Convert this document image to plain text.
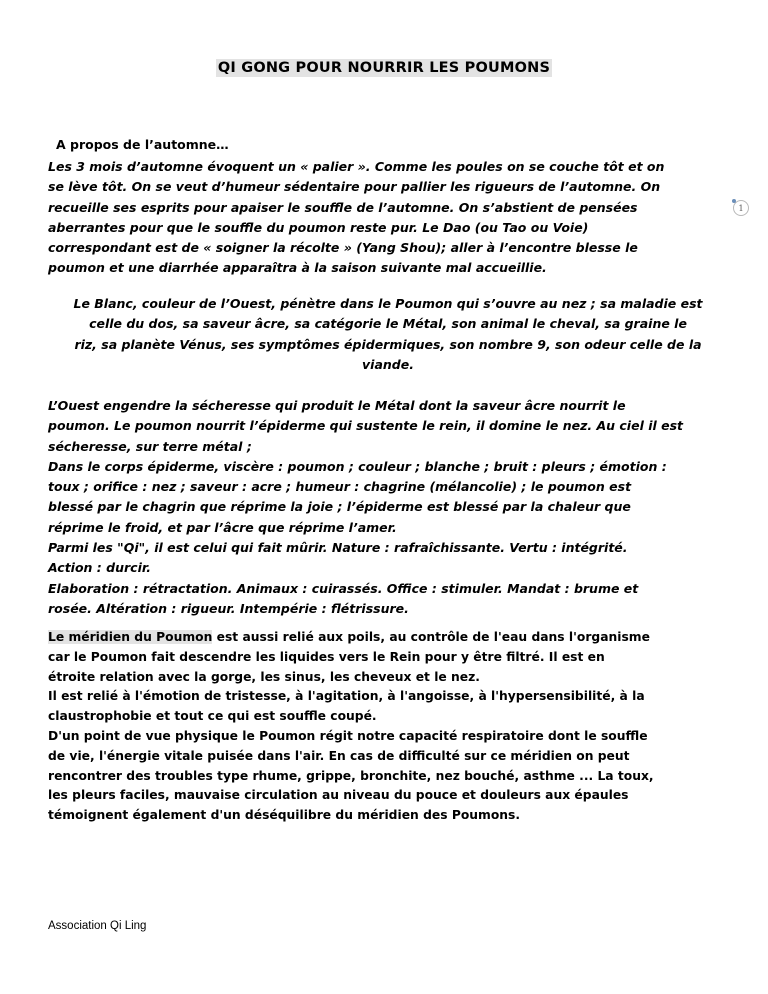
QI GONG POUR NOURRIR LES POUMONS
1
A propos de l’automne…

Les 3 mois d’automne évoquent un « palier ». Comme les poules on se couche tôt et on
se lève tôt. On se veut d’humeur sédentaire pour pallier les rigueurs de l’automne. On
recueille ses esprits pour apaiser le souffle de l’automne. On s’abstient de pensées
aberrantes pour que le souffle du poumon reste pur. Le Dao (ou Tao ou Voie)
correspondant est de « soigner la récolte » (Yang Shou); aller à l’encontre blesse le
poumon et une diarrhée apparaîtra à la saison suivante mal accueillie.

Le Blanc, couleur de l’Ouest, pénètre dans le Poumon qui s’ouvre au nez ; sa maladie est
celle du dos, sa saveur âcre, sa catégorie le Métal, son animal le cheval, sa graine le
riz, sa planète Vénus, ses symptômes épidermiques, son nombre 9, son odeur celle de la
viande.

L’Ouest engendre la sécheresse qui produit le Métal dont la saveur âcre nourrit le
poumon. Le poumon nourrit l’épiderme qui sustente le rein, il domine le nez. Au ciel il est
sécheresse, sur terre métal ;
Dans le corps épiderme, viscère : poumon ; couleur ; blanche ; bruit : pleurs ; émotion :
toux ; orifice : nez ; saveur : acre ; humeur : chagrine (mélancolie) ; le poumon est
blessé par le chagrin que réprime la joie ; l’épiderme est blessé par la chaleur que
réprime le froid, et par l’âcre que réprime l’amer.
Parmi les "Qi", il est celui qui fait mûrir. Nature : rafraîchissante. Vertu : intégrité.
Action : durcir.
Elaboration : rétractation. Animaux : cuirassés. Office : stimuler. Mandat : brume et
rosée. Altération : rigueur. Intempérie : flétrissure.

Le méridien du Poumon est aussi relié aux poils, au contrôle de l'eau dans l'organisme
car le Poumon fait descendre les liquides vers le Rein pour y être filtré. Il est en
étroite relation avec la gorge, les sinus, les cheveux et le nez.
Il est relié à l'émotion de tristesse, à l'agitation, à l'angoisse, à l'hypersensibilité, à la
claustrophobie et tout ce qui est souffle coupé.
D'un point de vue physique le Poumon régit notre capacité respiratoire dont le souffle
de vie, l'énergie vitale puisée dans l'air. En cas de difficulté sur ce méridien on peut
rencontrer des troubles type rhume, grippe, bronchite, nez bouché, asthme ... La toux,
les pleurs faciles, mauvaise circulation au niveau du pouce et douleurs aux épaules
témoignent également d'un déséquilibre du méridien des Poumons.

Association Qi Ling
